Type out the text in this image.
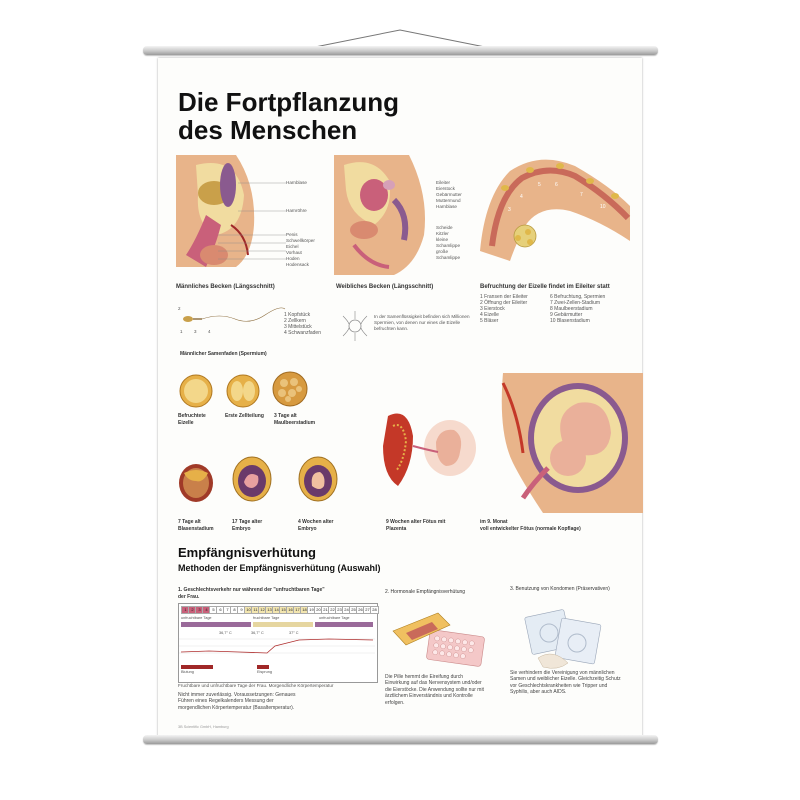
Die Fortpflanzung
des Menschen
Harnblase
Harnröhre
Penis
Schwellkörper
Eichel
Vorhaut
Hoden
Hodensack
Männliches Becken (Längsschnitt)
Eileiter
Eierstock
Gebärmutter
Muttermund
Harnblase
Scheide
Kitzler
kleine
Schamlippe
große
Schamlippe
Weibliches Becken (Längsschnitt)
3
4
5	6
7
10
Befruchtung der Eizelle findet im Eileiter statt
1 Fransen der Eileiter
2 Öffnung der Eileiter
3 Eierstock
4 Eizelle
5 Bläser
6 Befruchtung, Spermien
7 Zwei-Zellen-Stadium
8 Maulbeerstadium
9 Gebärmutter
10 Blasenstadium
2
1	3	4
1 Kopfstück
2 Zellkern
3 Mittelstück
4 Schwanzfaden
Männlicher Samenfaden (Spermium)
In der Samenflüssigkeit befinden sich Millionen Spermien, von denen nur eines die Eizelle befruchten kann.
Befruchtete Eizelle
Erste Zellteilung	3 Tage alt Maulbeerstadium
7 Tage alt Blasenstadium
17 Tage alter Embryo
4 Wochen alter Embryo
9 Wochen alter Fötus mit Plazenta
im 9. Monat
voll entwickelter Fötus (normale Kopflage)
Empfängnisverhütung
Methoden der Empfängnisverhütung (Auswahl)
1. Geschlechtsverkehr nur während der "unfruchtbaren Tage" der Frau.
1	2	3	4	5	6	7	8	9 10 11 12 13 14 15 16 17 18 19 20 21 22 23 24 25 26 27 28
unfruchtbare Tage	fruchtbare Tage	unfruchtbare Tage
36,7° C	36,7° C	37° C
Blutung	Eisprung
Fruchtbare und unfruchtbare Tage der Frau. Morgendliche Körpertemperatur
Nicht immer zuverlässig. Voraussetzungen: Genaues Führen eines Regelkalenders Messung der morgendlichen Körpertemperatur (Basaltemperatur).
2. Hormonale Empfängnisverhütung
Die Pille hemmt die Eireifung durch Einwirkung auf das Nervensystem und/oder die Eierstöcke. Die Anwendung sollte nur mit ärztlichem Einverständnis und Kontrolle erfolgen.
3. Benutzung von Kondomen (Präservativen)
Sie verhindern die Vereinigung von männlichen Samen und weiblicher Eizelle. Gleichzeitig Schutz vor Geschlechtskrankheiten wie Tripper und Syphilis, aber auch AIDS.
3B Scientific GmbH, Hamburg
